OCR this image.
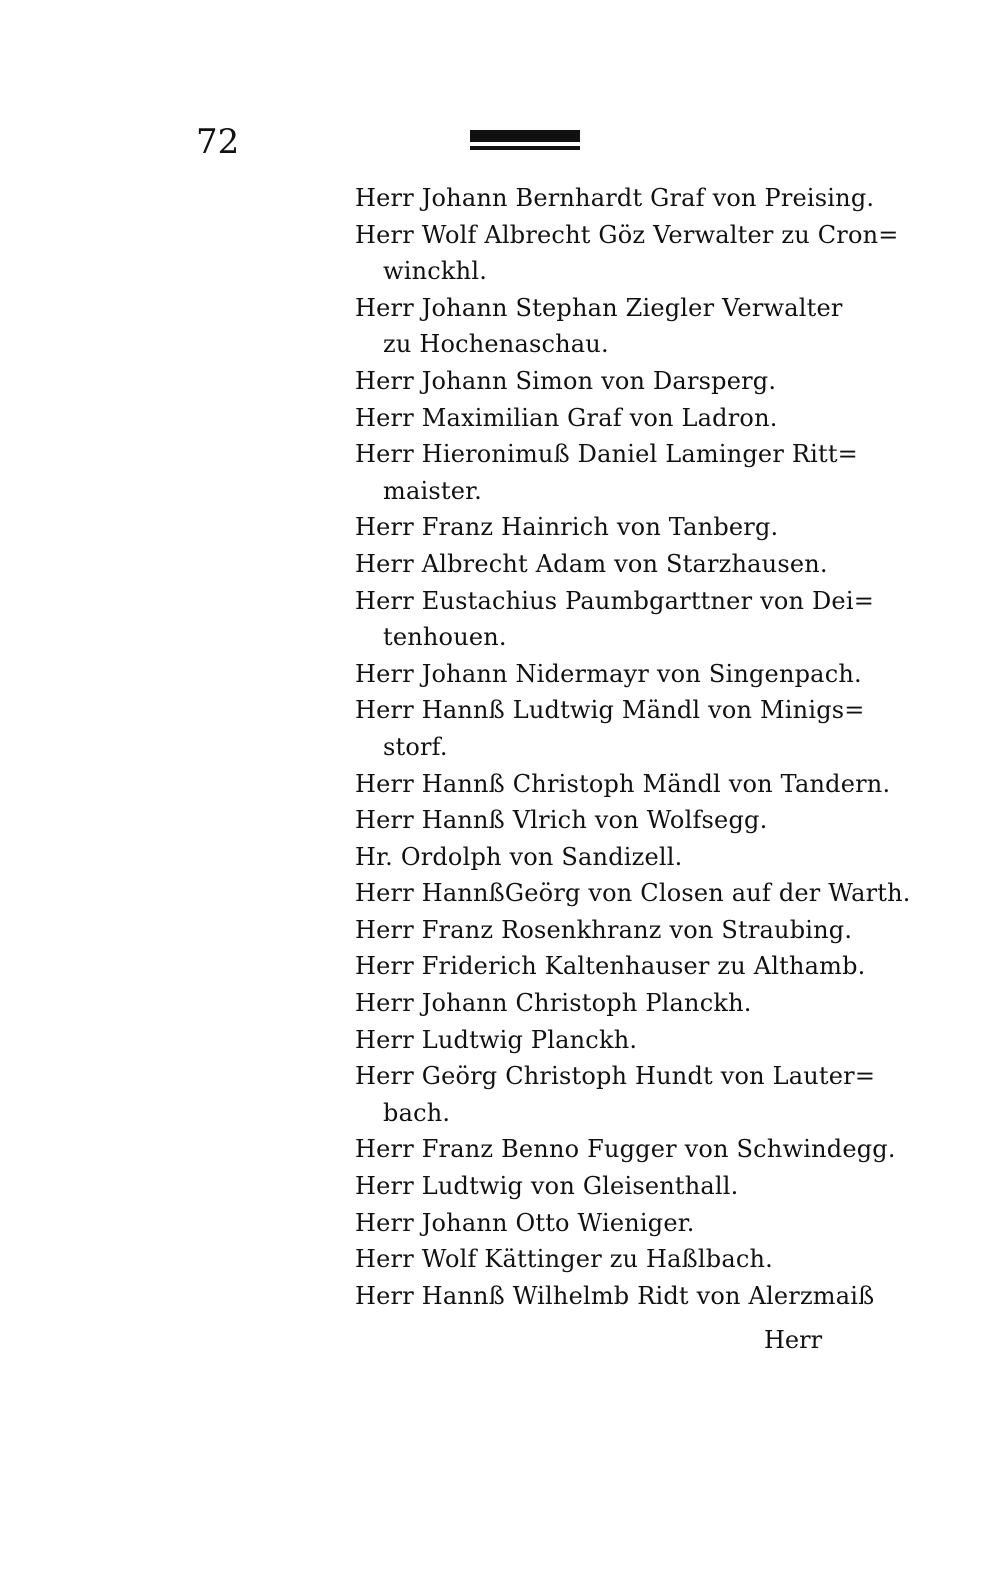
72
Herr Johann Bernhardt Graf von Preising.
Herr Wolf Albrecht Göz Verwalter zu Cron=
winckhl.
Herr Johann Stephan Ziegler Verwalter
zu Hochenaschau.
Herr Johann Simon von Darsperg.
Herr Maximilian Graf von Ladron.
Herr Hieronimuß Daniel Laminger Ritt=
maister.
Herr Franz Hainrich von Tanberg.
Herr Albrecht Adam von Starzhausen.
Herr Eustachius Paumbgarttner von Dei=
tenhouen.
Herr Johann Nidermayr von Singenpach.
Herr Hannß Ludtwig Mändl von Minigs=
storf.
Herr Hannß Christoph Mändl von Tandern.
Herr Hannß Vlrich von Wolfsegg.
Hr. Ordolph von Sandizell.
Herr HannßGeörg von Closen auf der Warth.
Herr Franz Rosenkhranz von Straubing.
Herr Friderich Kaltenhauser zu Althamb.
Herr Johann Christoph Planckh.
Herr Ludtwig Planckh.
Herr Geörg Christoph Hundt von Lauter=
bach.
Herr Franz Benno Fugger von Schwindegg.
Herr Ludtwig von Gleisenthall.
Herr Johann Otto Wieniger.
Herr Wolf Kättinger zu Haßlbach.
Herr Hannß Wilhelmb Ridt von Alerzmaiß
Herr
